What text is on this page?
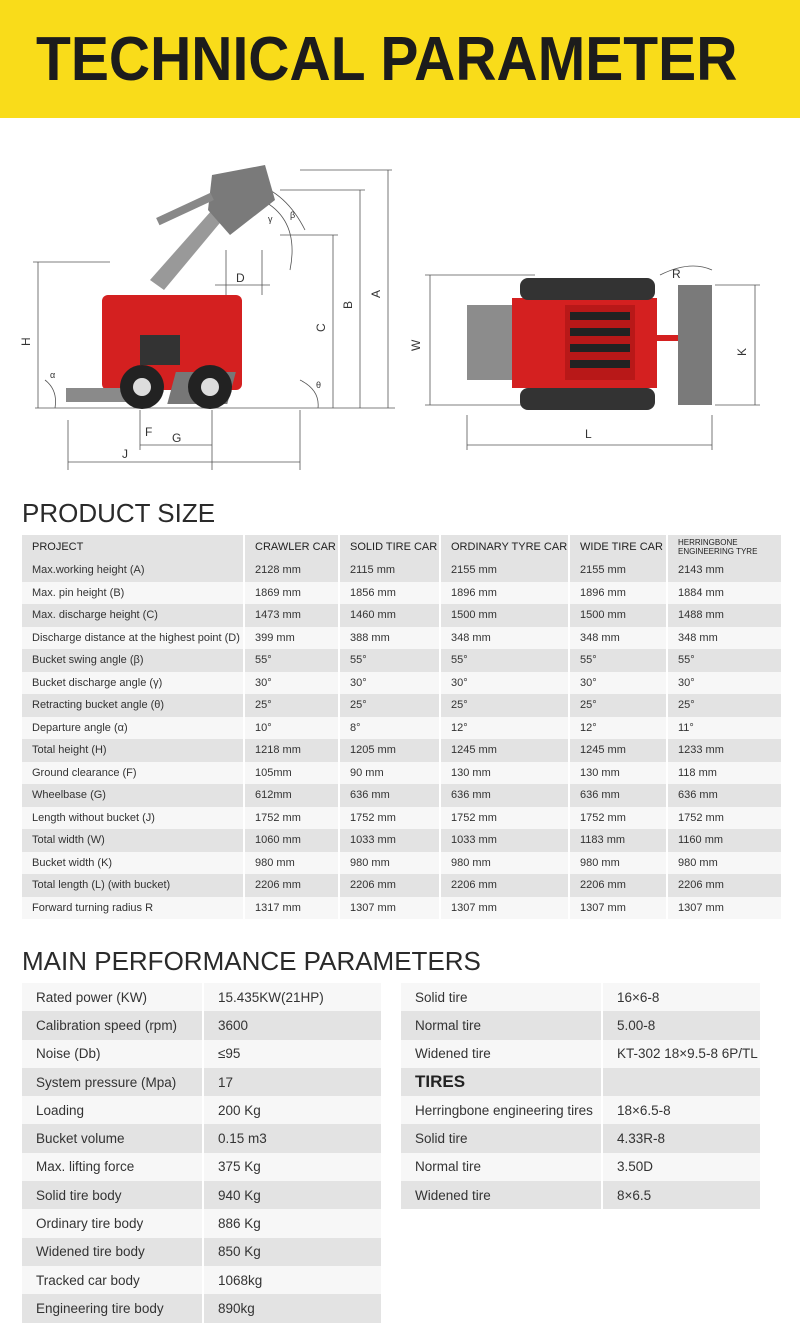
TECHNICAL PARAMETER
A
B
C
D
H
J
F G
β
γ
θ
α
R
W
K
L
PRODUCT SIZE
PROJECT	CRAWLER CAR	SOLID TIRE CAR	ORDINARY TYRE CAR	WIDE TIRE CAR	HERRINGBONE ENGINEERING TYRE
Max.working height (A)	2128 mm	2115 mm	2155 mm	2155 mm	2143 mm
Max. pin height (B)	1869 mm	1856 mm	1896 mm	1896 mm	1884 mm
Max. discharge height (C)	1473 mm	1460 mm	1500 mm	1500 mm	1488 mm
Discharge distance at the highest point (D)	399 mm	388 mm	348 mm	348 mm	348 mm
Bucket swing angle (β)	55°	55°	55°	55°	55°
Bucket discharge angle (γ)	30°	30°	30°	30°	30°
Retracting bucket angle (θ)	25°	25°	25°	25°	25°
Departure angle (α)	10°	8°	12°	12°	11°
Total height (H)	1218 mm	1205 mm	1245 mm	1245 mm	1233 mm
Ground clearance (F)	105mm	90 mm	130 mm	130 mm	118 mm
Wheelbase (G)	612mm	636 mm	636 mm	636 mm	636 mm
Length without bucket (J)	1752 mm	1752 mm	1752 mm	1752 mm	1752 mm
Total width (W)	1060 mm	1033 mm	1033 mm	1183 mm	1160 mm
Bucket width (K)	980 mm	980 mm	980 mm	980 mm	980 mm
Total length (L) (with bucket)	2206 mm	2206 mm	2206 mm	2206 mm	2206 mm
Forward turning radius R	1317 mm	1307 mm	1307 mm	1307 mm	1307 mm
MAIN PERFORMANCE PARAMETERS
Rated power (KW)	15.435KW(21HP)
Calibration speed (rpm)	3600
Noise (Db)	≤95
System pressure (Mpa)	17
Loading	200 Kg
Bucket volume	0.15 m3
Max. lifting force	375 Kg
Solid tire body	940 Kg
Ordinary tire body	886 Kg
Widened tire body	850 Kg
Tracked car body	1068kg
Engineering tire body	890kg
Solid tire	16×6-8
Normal tire	5.00-8
Widened tire	KT-302 18×9.5-8 6P/TL
TIRES	
Herringbone engineering tires	18×6.5-8
Solid tire	4.33R-8
Normal tire	3.50D
Widened tire	8×6.5
